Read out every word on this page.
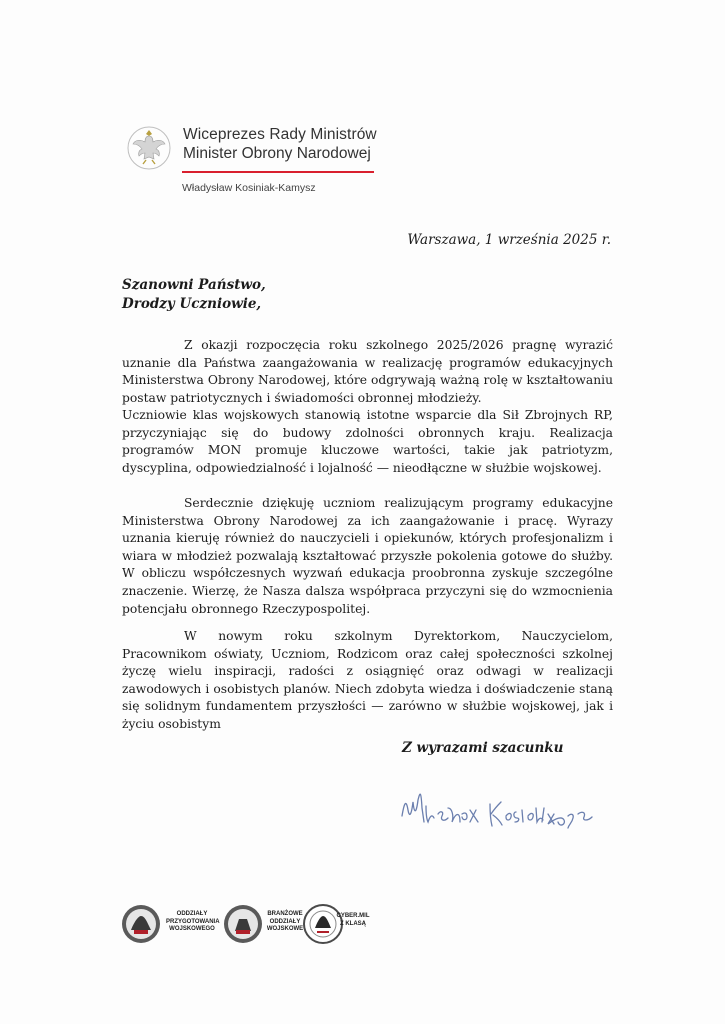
Wiceprezes Rady Ministrów
Minister Obrony Narodowej
Władysław Kosiniak-Kamysz
Warszawa, 1 września 2025 r.
Szanowni Państwo,
Drodzy Uczniowie,
Z okazji rozpoczęcia roku szkolnego 2025/2026 pragnę wyrazić uznanie dla Państwa zaangażowania w realizację programów edukacyjnych Ministerstwa Obrony Narodowej, które odgrywają ważną rolę w kształtowaniu postaw patriotycznych i świadomości obronnej młodzieży.
Uczniowie klas wojskowych stanowią istotne wsparcie dla Sił Zbrojnych RP, przyczyniając się do budowy zdolności obronnych kraju. Realizacja programów MON promuje kluczowe wartości, takie jak patriotyzm, dyscyplina, odpowiedzialność i lojalność — nieodłączne w służbie wojskowej.
Serdecznie dziękuję uczniom realizującym programy edukacyjne Ministerstwa Obrony Narodowej za ich zaangażowanie i pracę. Wyrazy uznania kieruję również do nauczycieli i opiekunów, których profesjonalizm i wiara w młodzież pozwalają kształtować przyszłe pokolenia gotowe do służby. W obliczu współczesnych wyzwań edukacja proobronna zyskuje szczególne znaczenie. Wierzę, że Nasza dalsza współpraca przyczyni się do wzmocnienia potencjału obronnego Rzeczypospolitej.
W nowym roku szkolnym Dyrektorkom, Nauczycielom, Pracownikom oświaty, Uczniom, Rodzicom oraz całej społeczności szkolnej życzę wielu inspiracji, radości z osiągnięć oraz odwagi w realizacji zawodowych i osobistych planów. Niech zdobyta wiedza i doświadczenie staną się solidnym fundamentem przyszłości — zarówno w służbie wojskowej, jak i życiu osobistym
Z wyrazami szacunku
ODDZIAŁY
PRZYGOTOWANIA
WOJSKOWEGO
BRANŻOWE
ODDZIAŁY
WOJSKOWE
CYBER.MIL
Z KLASĄ
